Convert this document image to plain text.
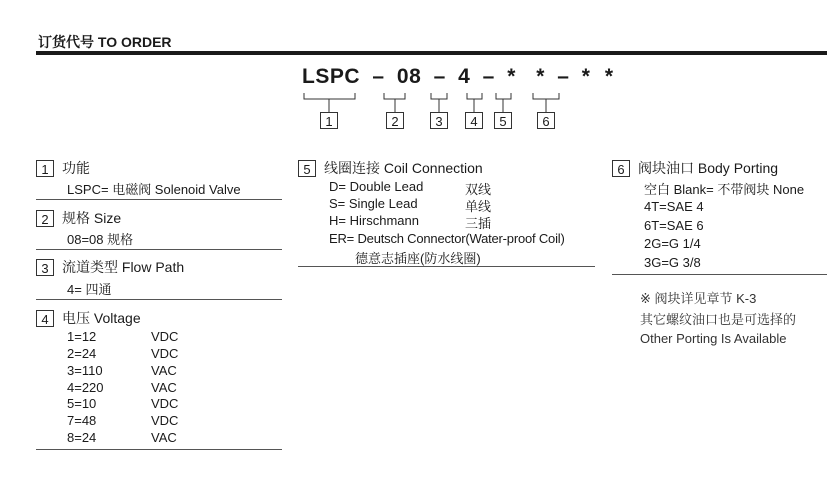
订货代号 TO ORDER
LSPC – 08 – 4 – * * – * *
1	2	3	4	5	6
1 功能
LSPC= 电磁阀 Solenoid Valve
2 规格 Size
08=08 规格
3 流道类型 Flow Path
4= 四通
4 电压 Voltage
1=12	VDC
2=24	VDC
3=110	VAC
4=220	VAC
5=10	VDC
7=48	VDC
8=24	VAC
5 线圈连接 Coil Connection
D= Double Lead	双线
S= Single Lead	单线
H= Hirschmann	三插
ER= Deutsch Connector(Water-proof Coil)
德意志插座(防水线圈)
6 阀块油口 Body Porting
空白 Blank= 不带阀块 None
4T=SAE 4
6T=SAE 6
2G=G 1/4
3G=G 3/8
※ 阀块详见章节 K-3
其它螺纹油口也是可选择的
Other Porting Is Available
